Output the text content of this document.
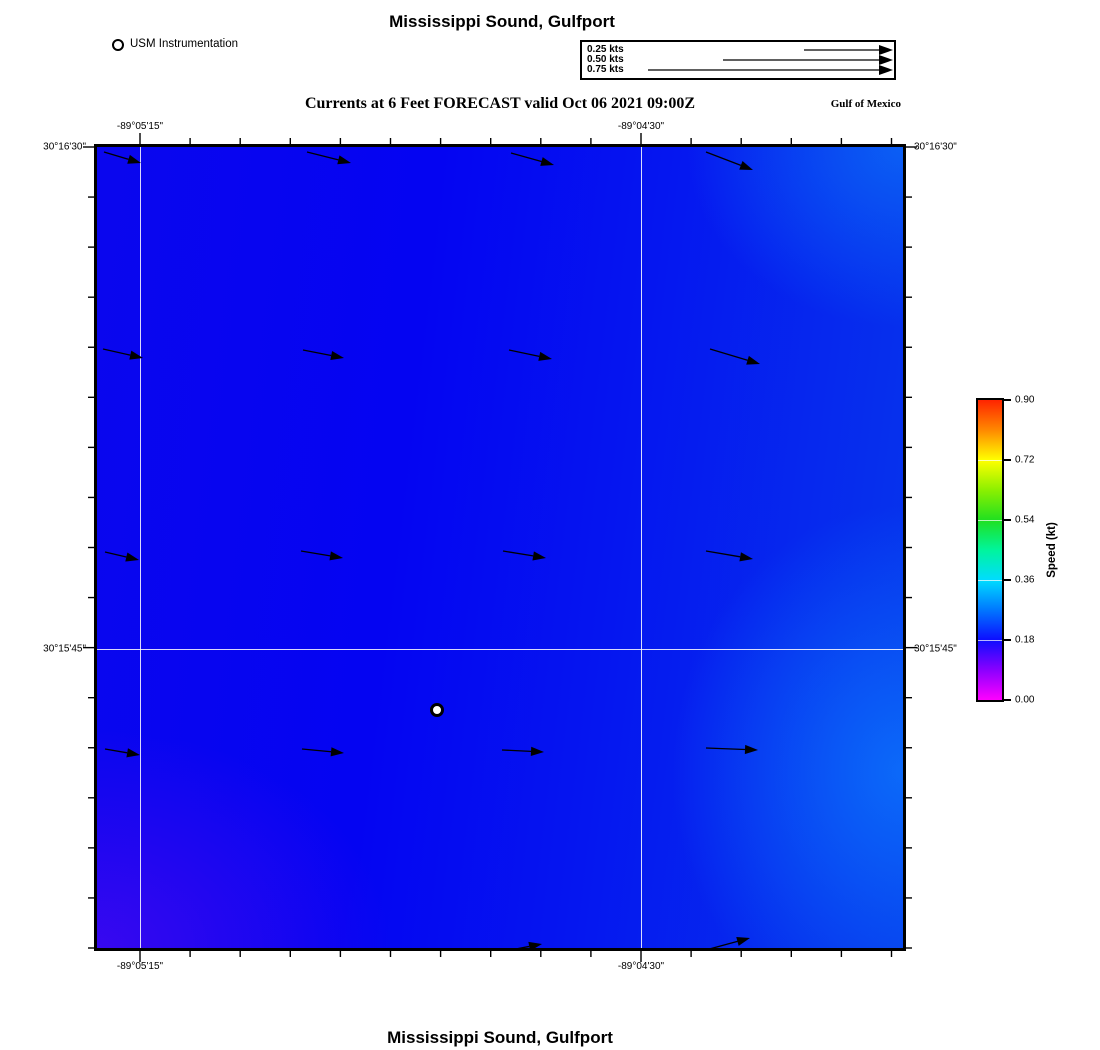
Mississippi Sound, Gulfport
USM Instrumentation	0.25 kts
0.50 kts
0.75 kts
Currents at 6 Feet FORECAST valid Oct 06 2021 09:00Z	Gulf of Mexico
-89°05'15"	-89°04'30"
-89°05'15"	-89°04'30"
30°16'30"
30°15'45"
30°16'30"
30°15'45"
0.90
0.72
0.54
0.36
0.18
0.00
Speed (kt)
Mississippi Sound, Gulfport
